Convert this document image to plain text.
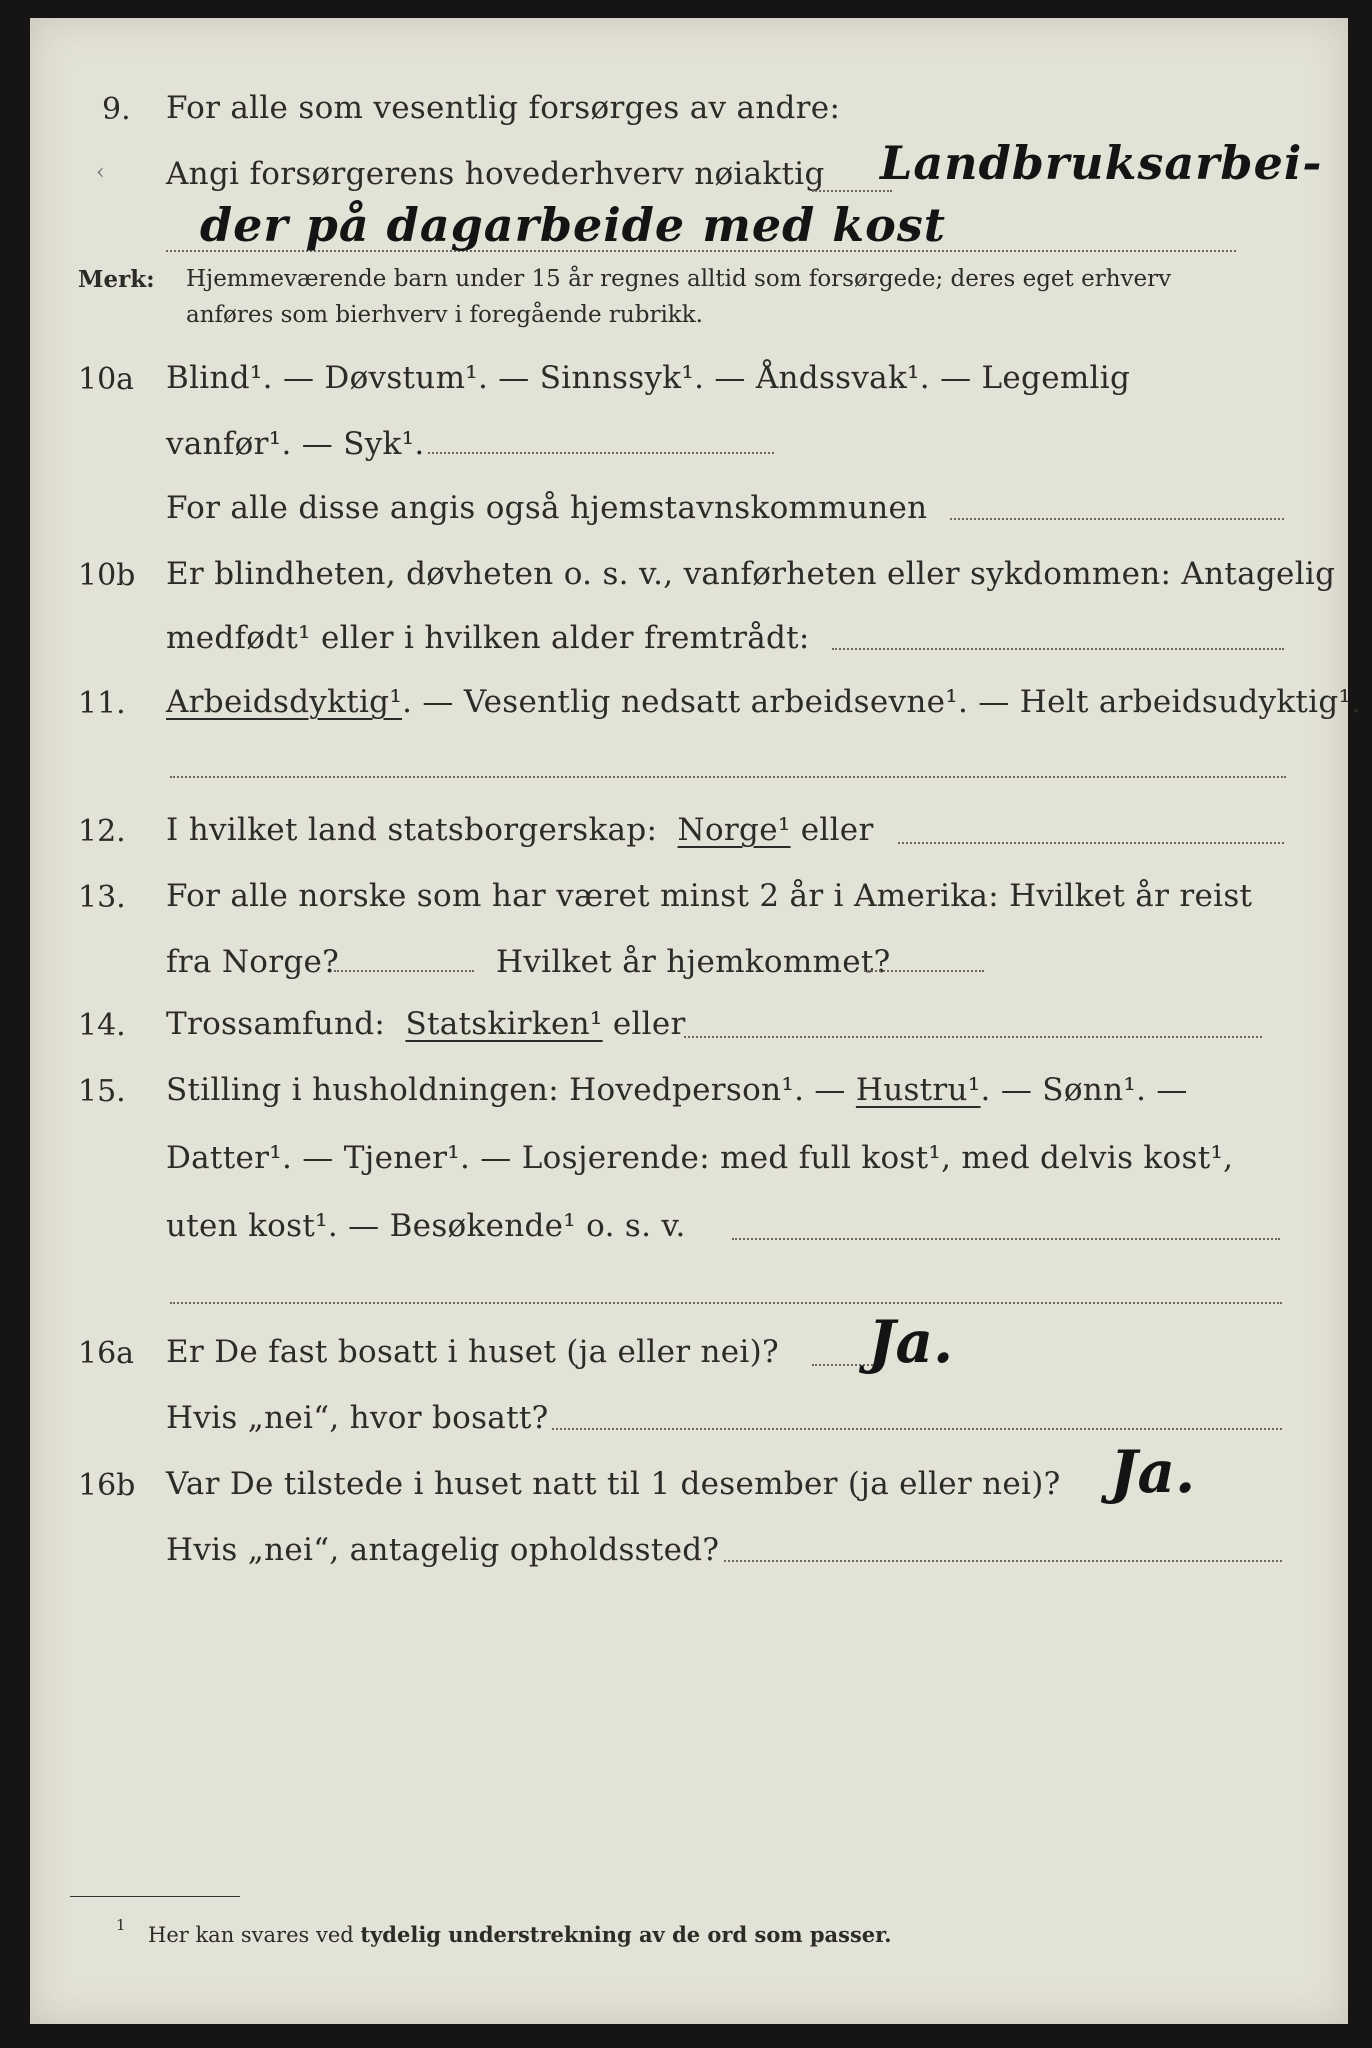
9. For alle som vesentlig forsørges av andre:
‹ Angi forsørgerens hovederhverv nøiaktig Landbruksarbei-
der på dagarbeide med kost
Merk: Hjemmeværende barn under 15 år regnes alltid som forsørgede; deres eget erhverv
anføres som bierhverv i foregående rubrikk.
10a Blind¹. — Døvstum¹. — Sinnssyk¹. — Åndssvak¹. — Legemlig
vanfør¹. — Syk¹.
For alle disse angis også hjemstavnskommunen
10b Er blindheten, døvheten o. s. v., vanførheten eller sykdommen: Antagelig
medfødt¹ eller i hvilken alder fremtrådt:
11. Arbeidsdyktig¹. — Vesentlig nedsatt arbeidsevne¹. — Helt arbeidsudyktig¹.
12. I hvilket land statsborgerskap: Norge¹ eller
13. For alle norske som har været minst 2 år i Amerika: Hvilket år reist
fra Norge?	Hvilket år hjemkommet?
14. Trossamfund: Statskirken¹ eller
15. Stilling i husholdningen: Hovedperson¹. — Hustru¹. — Sønn¹. —
Datter¹. — Tjener¹. — Losjerende: med full kost¹, med delvis kost¹,
uten kost¹. — Besøkende¹ o. s. v.
16a Er De fast bosatt i huset (ja eller nei)? Ja.
Hvis „nei“, hvor bosatt?
16b Var De tilstede i huset natt til 1 desember (ja eller nei)? Ja.
Hvis „nei“, antagelig opholdssted?
1 Her kan svares ved tydelig understrekning av de ord som passer.
